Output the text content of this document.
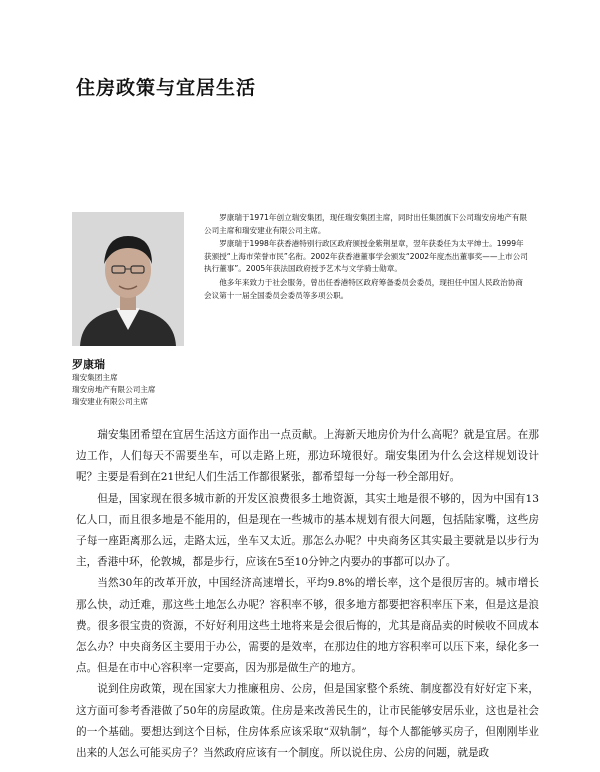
住房政策与宜居生活

罗康瑞于1971年创立瑞安集团，现任瑞安集团主席，同时出任集团旗下公司瑞安房地产有限公司主席和瑞安建业有限公司主席。

罗康瑞于1998年获香港特别行政区政府颁授金紫荆星章，翌年获委任为太平绅士。1999年获颁授“上海市荣誉市民”名衔。2002年获香港董事学会颁发“2002年度杰出董事奖——上市公司执行董事”。2005年获法国政府授予艺术与文学骑士勋章。

他多年来致力于社会服务，曾出任香港特区政府筹备委员会委员，现担任中国人民政治协商会议第十一届全国委员会委员等多项公职。

罗康瑞
瑞安集团主席
瑞安房地产有限公司主席
瑞安建业有限公司主席

瑞安集团希望在宜居生活这方面作出一点贡献。上海新天地房价为什么高呢？就是宜居。在那边工作，人们每天不需要坐车，可以走路上班，那边环境很好。瑞安集团为什么会这样规划设计呢？主要是看到在21世纪人们生活工作都很紧张，都希望每一分每一秒全部用好。

但是，国家现在很多城市新的开发区浪费很多土地资源，其实土地是很不够的，因为中国有13亿人口，而且很多地是不能用的，但是现在一些城市的基本规划有很大问题，包括陆家嘴，这些房子每一座距离那么远，走路太远，坐车又太近。那怎么办呢？中央商务区其实最主要就是以步行为主，香港中环，伦敦城，都是步行，应该在5至10分钟之内要办的事都可以办了。

当然30年的改革开放，中国经济高速增长，平均9.8%的增长率，这个是很厉害的。城市增长那么快，动迁难，那这些土地怎么办呢？容积率不够，很多地方都要把容积率压下来，但是这是浪费。很多很宝贵的资源，不好好利用这些土地将来是会很后悔的，尤其是商品卖的时候收不回成本怎么办？中央商务区主要用于办公，需要的是效率，在那边住的地方容积率可以压下来，绿化多一点。但是在市中心容积率一定要高，因为那是做生产的地方。

说到住房政策，现在国家大力推廉租房、公房，但是国家整个系统、制度都没有好好定下来，这方面可参考香港做了50年的房屋政策。住房是来改善民生的，让市民能够安居乐业，这也是社会的一个基础。要想达到这个目标，住房体系应该采取“双轨制”，每个人都能够买房子，但刚刚毕业出来的人怎么可能买房子？当然政府应该有一个制度。所以说住房、公房的问题，就是政
